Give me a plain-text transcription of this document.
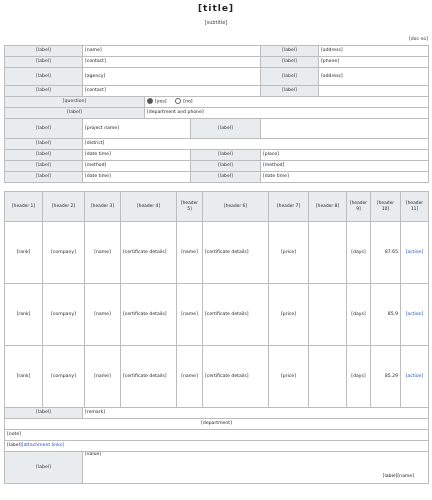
[title]
[subtitle]
[doc no]
[label]	[name]			[label]	[address]
[label]	[contact]			[label]	[phone]
[label]	[agency]			[label]	[address]
[label]	[contact]			[label]	
[question]		[yes] [no]			
[label]		[department and phone]			
[label]	[project name]		[label]		
[label]	[district]				
[label]	[date time]		[label]	[place]	
[label]	[method]		[label]	[method]	
[label]	[date time]		[label]	[date time]	
[header 1]	[header 2]	[header 3]	[header 4]	[header 5]	[header 6]	[header 7]	[header 8]	[header 9]	[header 10]	[header 11]
[rank]	[company]	[name]	[certificate details]	[name]	[certificate details]	[price]		[days]	87.65	[action]
[rank]	[company]	[name]	[certificate details]	[name]	[certificate details]	[price]		[days]	85.9	[action]
[rank]	[company]	[name]	[certificate details]	[name]	[certificate details]	[price]		[days]	85.29	[action]
[label]	[remark]
[department]	
[note]	
[label][attachment links]	
[label]	[value]
[label][name]
